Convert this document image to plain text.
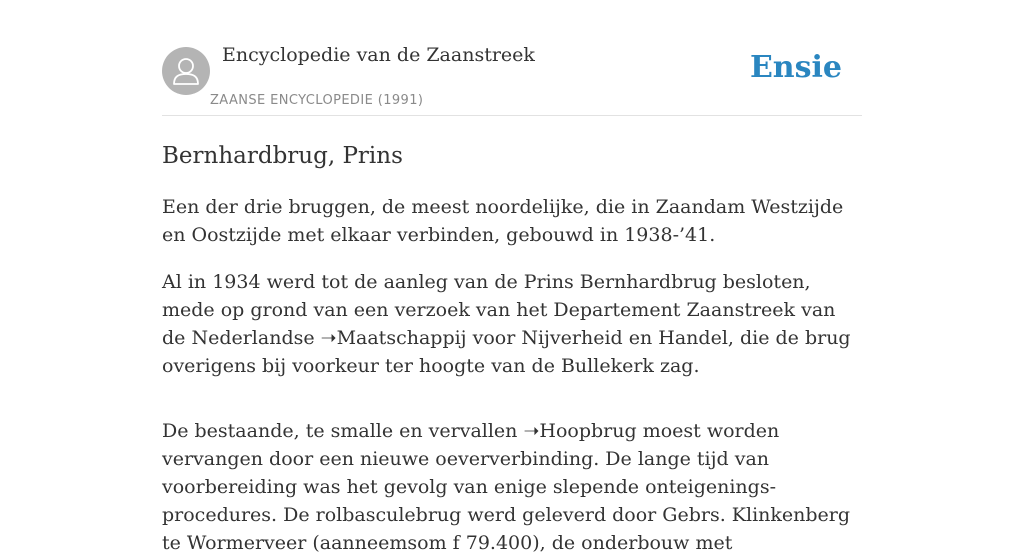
Encyclopedie van de Zaanstreek
ZAANSE ENCYCLOPEDIE (1991)
Ensie
Bernhardbrug, Prins

Een der drie bruggen, de meest noordelijke, die in Zaandam Westzijde en Oostzijde met elkaar verbinden, gebouwd in 1938-’41.

Al in 1934 werd tot de aanleg van de Prins Bernhardbrug besloten, mede op grond van een verzoek van het Departement Zaanstreek van de Nederlandse ➝Maatschappij voor Nijverheid en Handel, die de brug overigens bij voorkeur ter hoogte van de Bullekerk zag.

De bestaande, te smalle en vervallen ➝Hoopbrug moest worden vervangen door een nieuwe oeververbinding. De lange tijd van voorbereiding was het gevolg van enige slepende onteigenings-procedures. De rolbasculebrug werd geleverd door Gebrs. Klinkenberg te Wormerveer (aanneemsom f 79.400), de onderbouw met
